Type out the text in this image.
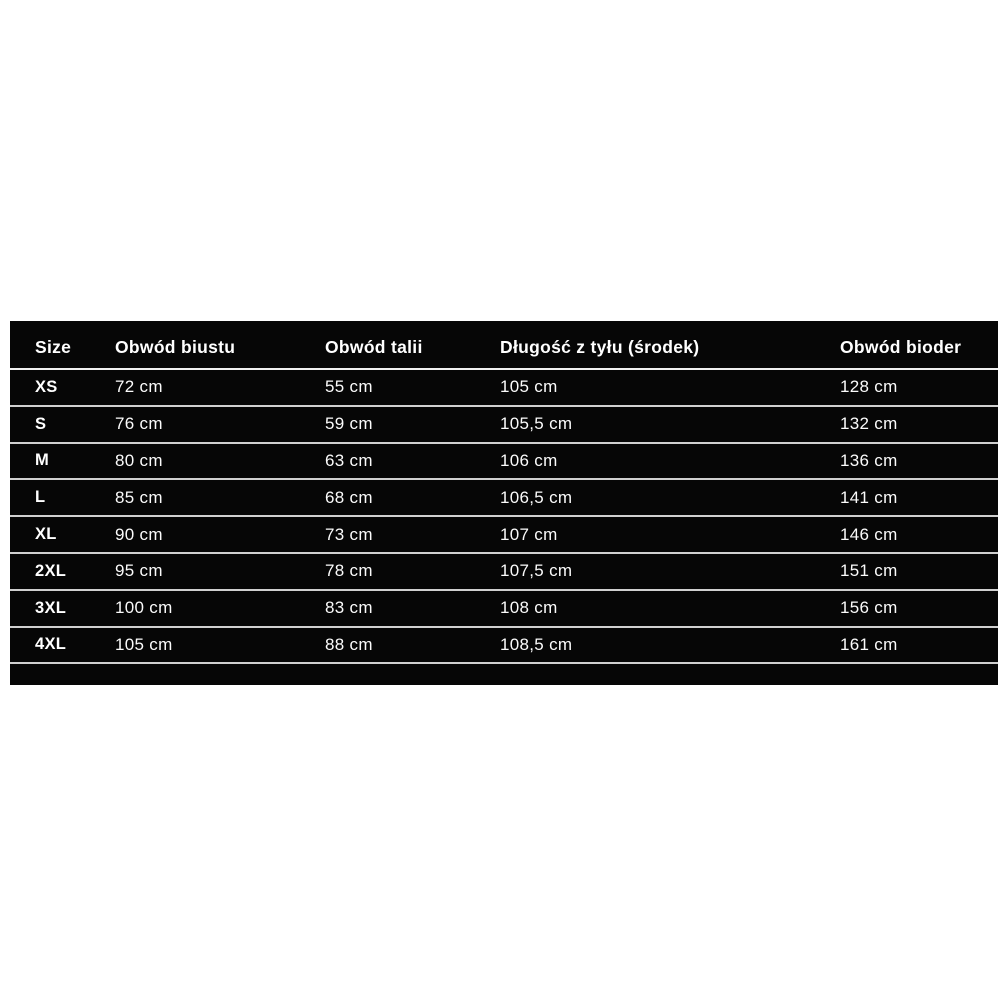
Size	Obwód biustu	Obwód talii	Długość z tyłu (środek)	Obwód bioder
XS	72 cm	55 cm	105 cm	128 cm
S	76 cm	59 cm	105,5 cm	132 cm
M	80 cm	63 cm	106 cm	136 cm
L	85 cm	68 cm	106,5 cm	141 cm
XL	90 cm	73 cm	107 cm	146 cm
2XL	95 cm	78 cm	107,5 cm	151 cm
3XL	100 cm	83 cm	108 cm	156 cm
4XL	105 cm	88 cm	108,5 cm	161 cm
